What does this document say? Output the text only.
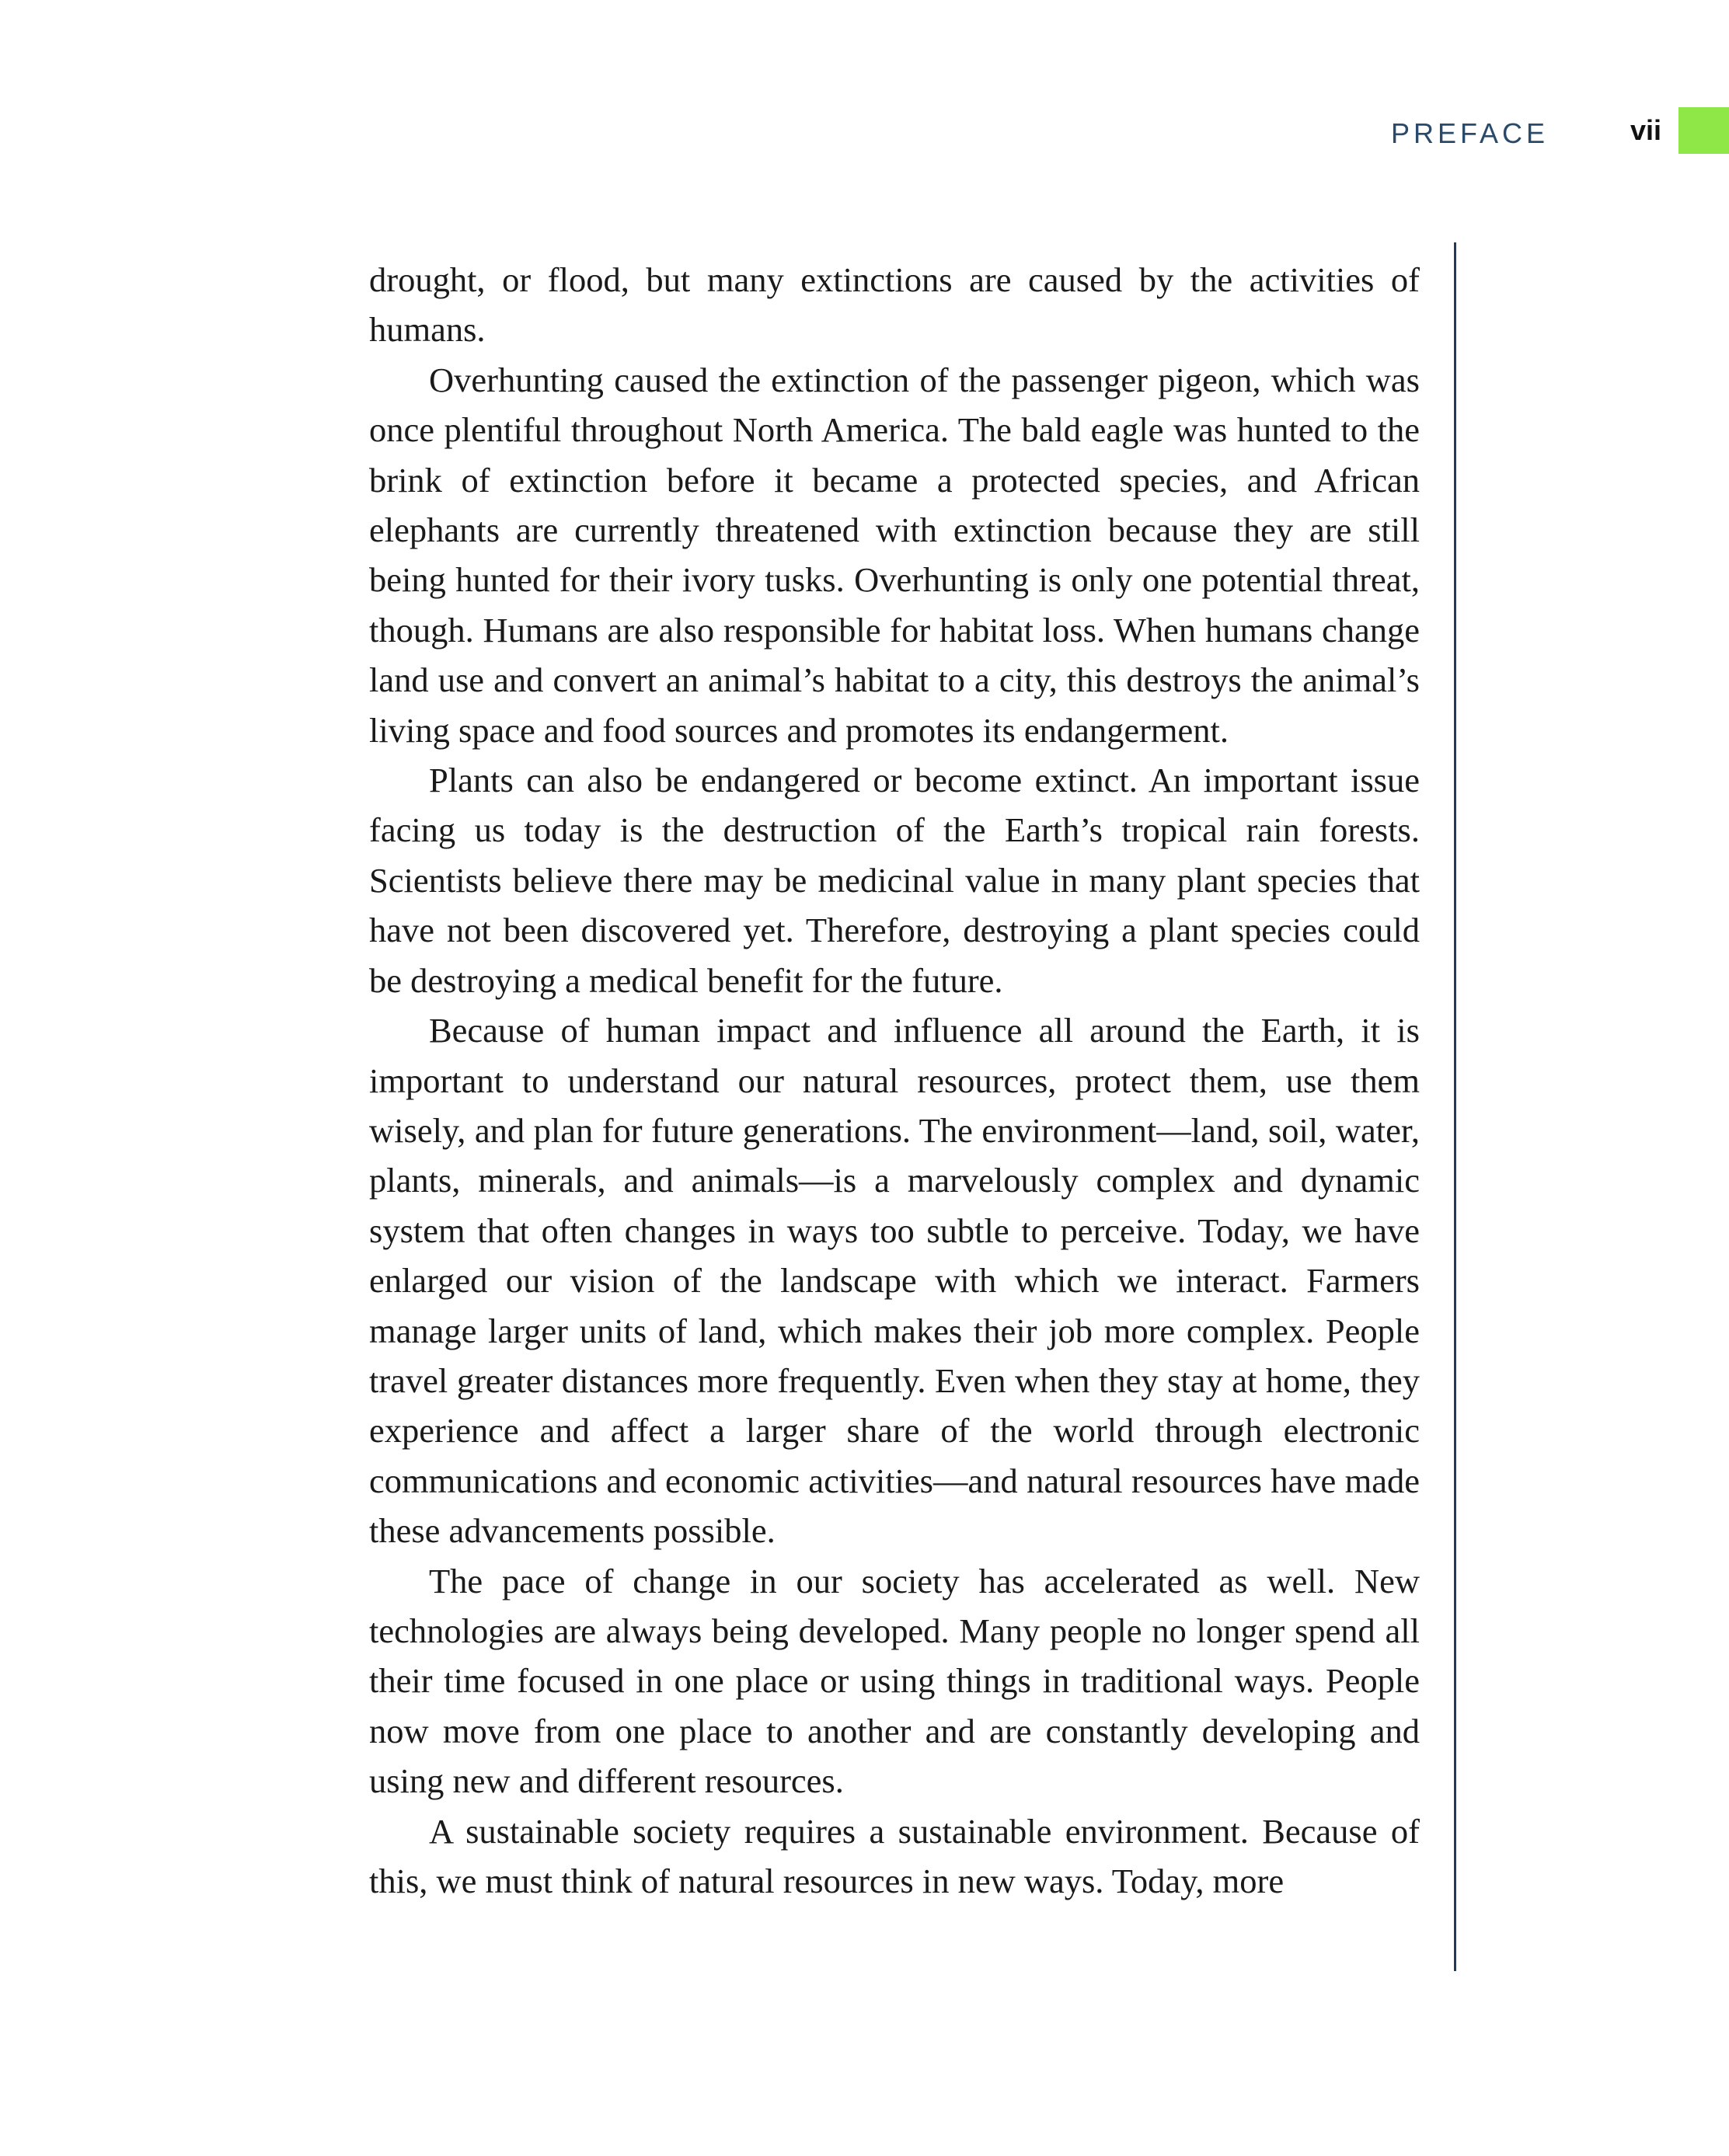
PREFACE	vii

drought, or flood, but many extinctions are caused by the activities of humans.

Overhunting caused the extinction of the passenger pigeon, which was once plentiful throughout North America. The bald eagle was hunted to the brink of extinction before it became a protected species, and African elephants are currently threatened with extinction because they are still being hunted for their ivory tusks. Overhunting is only one potential threat, though. Humans are also responsible for habitat loss. When humans change land use and convert an animal’s habitat to a city, this destroys the animal’s living space and food sources and promotes its endangerment.

Plants can also be endangered or become extinct. An important issue facing us today is the destruction of the Earth’s tropical rain forests. Scientists believe there may be medicinal value in many plant species that have not been discovered yet. Therefore, destroying a plant species could be destroying a medical benefit for the future.

Because of human impact and influence all around the Earth, it is important to understand our natural resources, protect them, use them wisely, and plan for future generations. The environment—land, soil, water, plants, minerals, and animals—is a marvelously complex and dynamic system that often changes in ways too subtle to perceive. Today, we have enlarged our vision of the landscape with which we interact. Farmers manage larger units of land, which makes their job more complex. People travel greater distances more frequently. Even when they stay at home, they experience and affect a larger share of the world through electronic communications and economic activities—and natural resources have made these advancements possible.

The pace of change in our society has accelerated as well. New technologies are always being developed. Many people no longer spend all their time focused in one place or using things in traditional ways. People now move from one place to another and are constantly developing and using new and different resources.

A sustainable society requires a sustainable environment. Because of this, we must think of natural resources in new ways. Today, more
